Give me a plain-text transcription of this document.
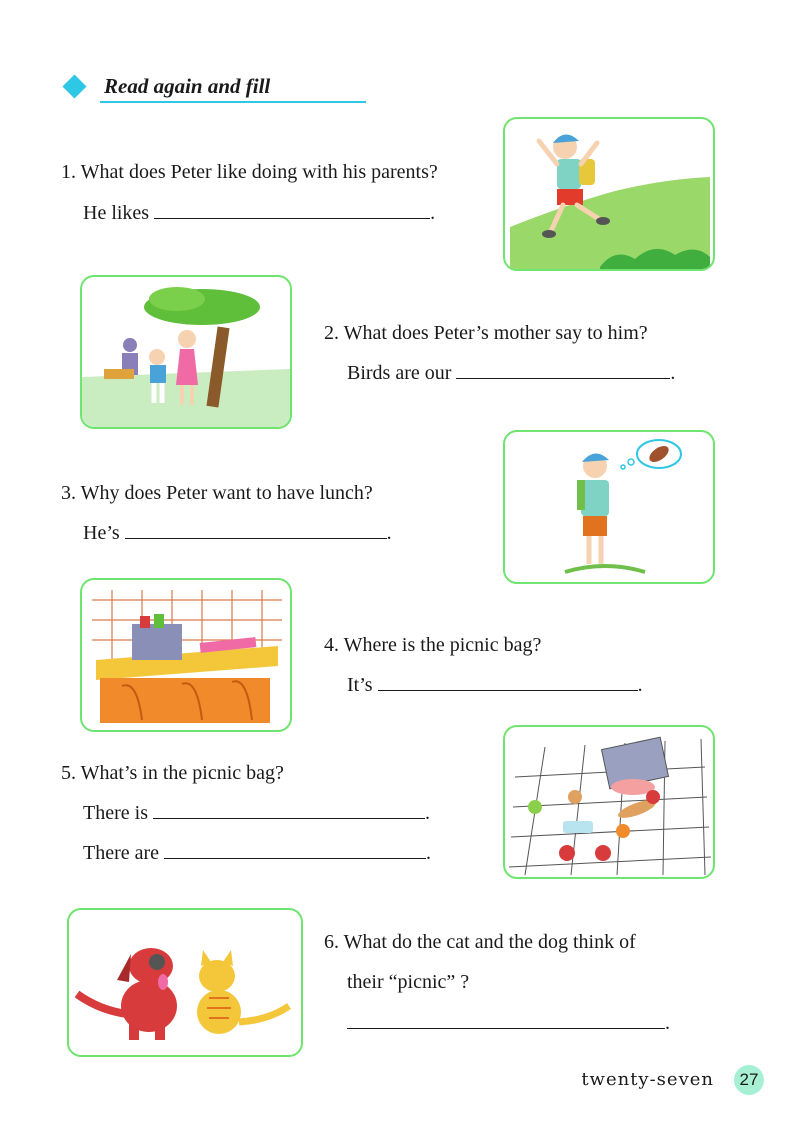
Read again and fill
1. What does Peter like doing with his parents?
He likes	.
2. What does Peter’s mother say to him?
Birds are our	.
3. Why does Peter want to have lunch?
He’s	.
4. Where is the picnic bag?
It’s	.
5. What’s in the picnic bag?
There is	.
There are	.
6. What do the cat and the dog think of
their “picnic” ?
.
twenty-seven	27
